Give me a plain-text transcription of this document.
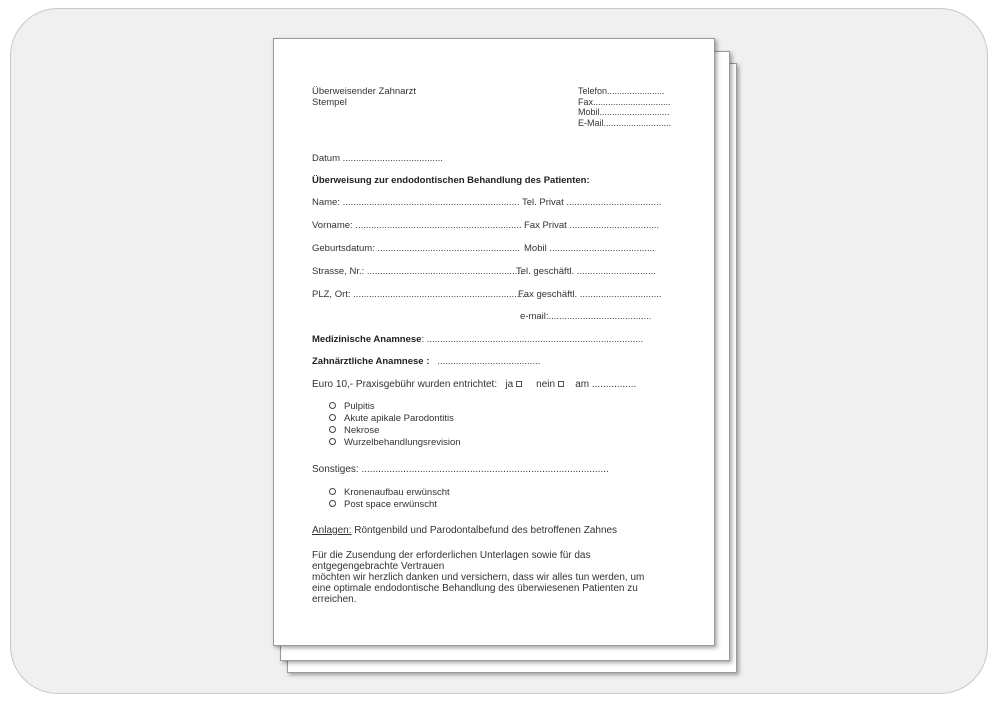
Überweisender Zahnarzt
Stempel
Telefon.......................
Fax...............................
Mobil............................
E-Mail...........................
Datum ......................................
Überweisung zur endodontischen Behandlung des Patienten:
Name: ................................................................... Tel. Privat ....................................
Vorname: ............................................................... Fax Privat ..................................
Geburtsdatum: ...................................................... Mobil ........................................
Strasse, Nr.: ...........................................................
Tel. geschäftl. ..............................
PLZ, Ort: ..................................................................
Fax geschäftl. ...............................
e-mail:.......................................
Medizinische Anamnese: ..................................................................................
Zahnärztliche Anamnese : .......................................
Euro 10,- Praxisgebühr wurden entrichtet: ja nein am ................
Pulpitis
Akute apikale Parodontitis
Nekrose
Wurzelbehandlungsrevision
Sonstiges: .........................................................................................
Kronenaufbau erwünscht
Post space erwünscht
Anlagen: Röntgenbild und Parodontalbefund des betroffenen Zahnes
Für die Zusendung der erforderlichen Unterlagen sowie für das
entgegengebrachte Vertrauen
möchten wir herzlich danken und versichern, dass wir alles tun werden, um
eine optimale endodontische Behandlung des überwiesenen Patienten zu
erreichen.
